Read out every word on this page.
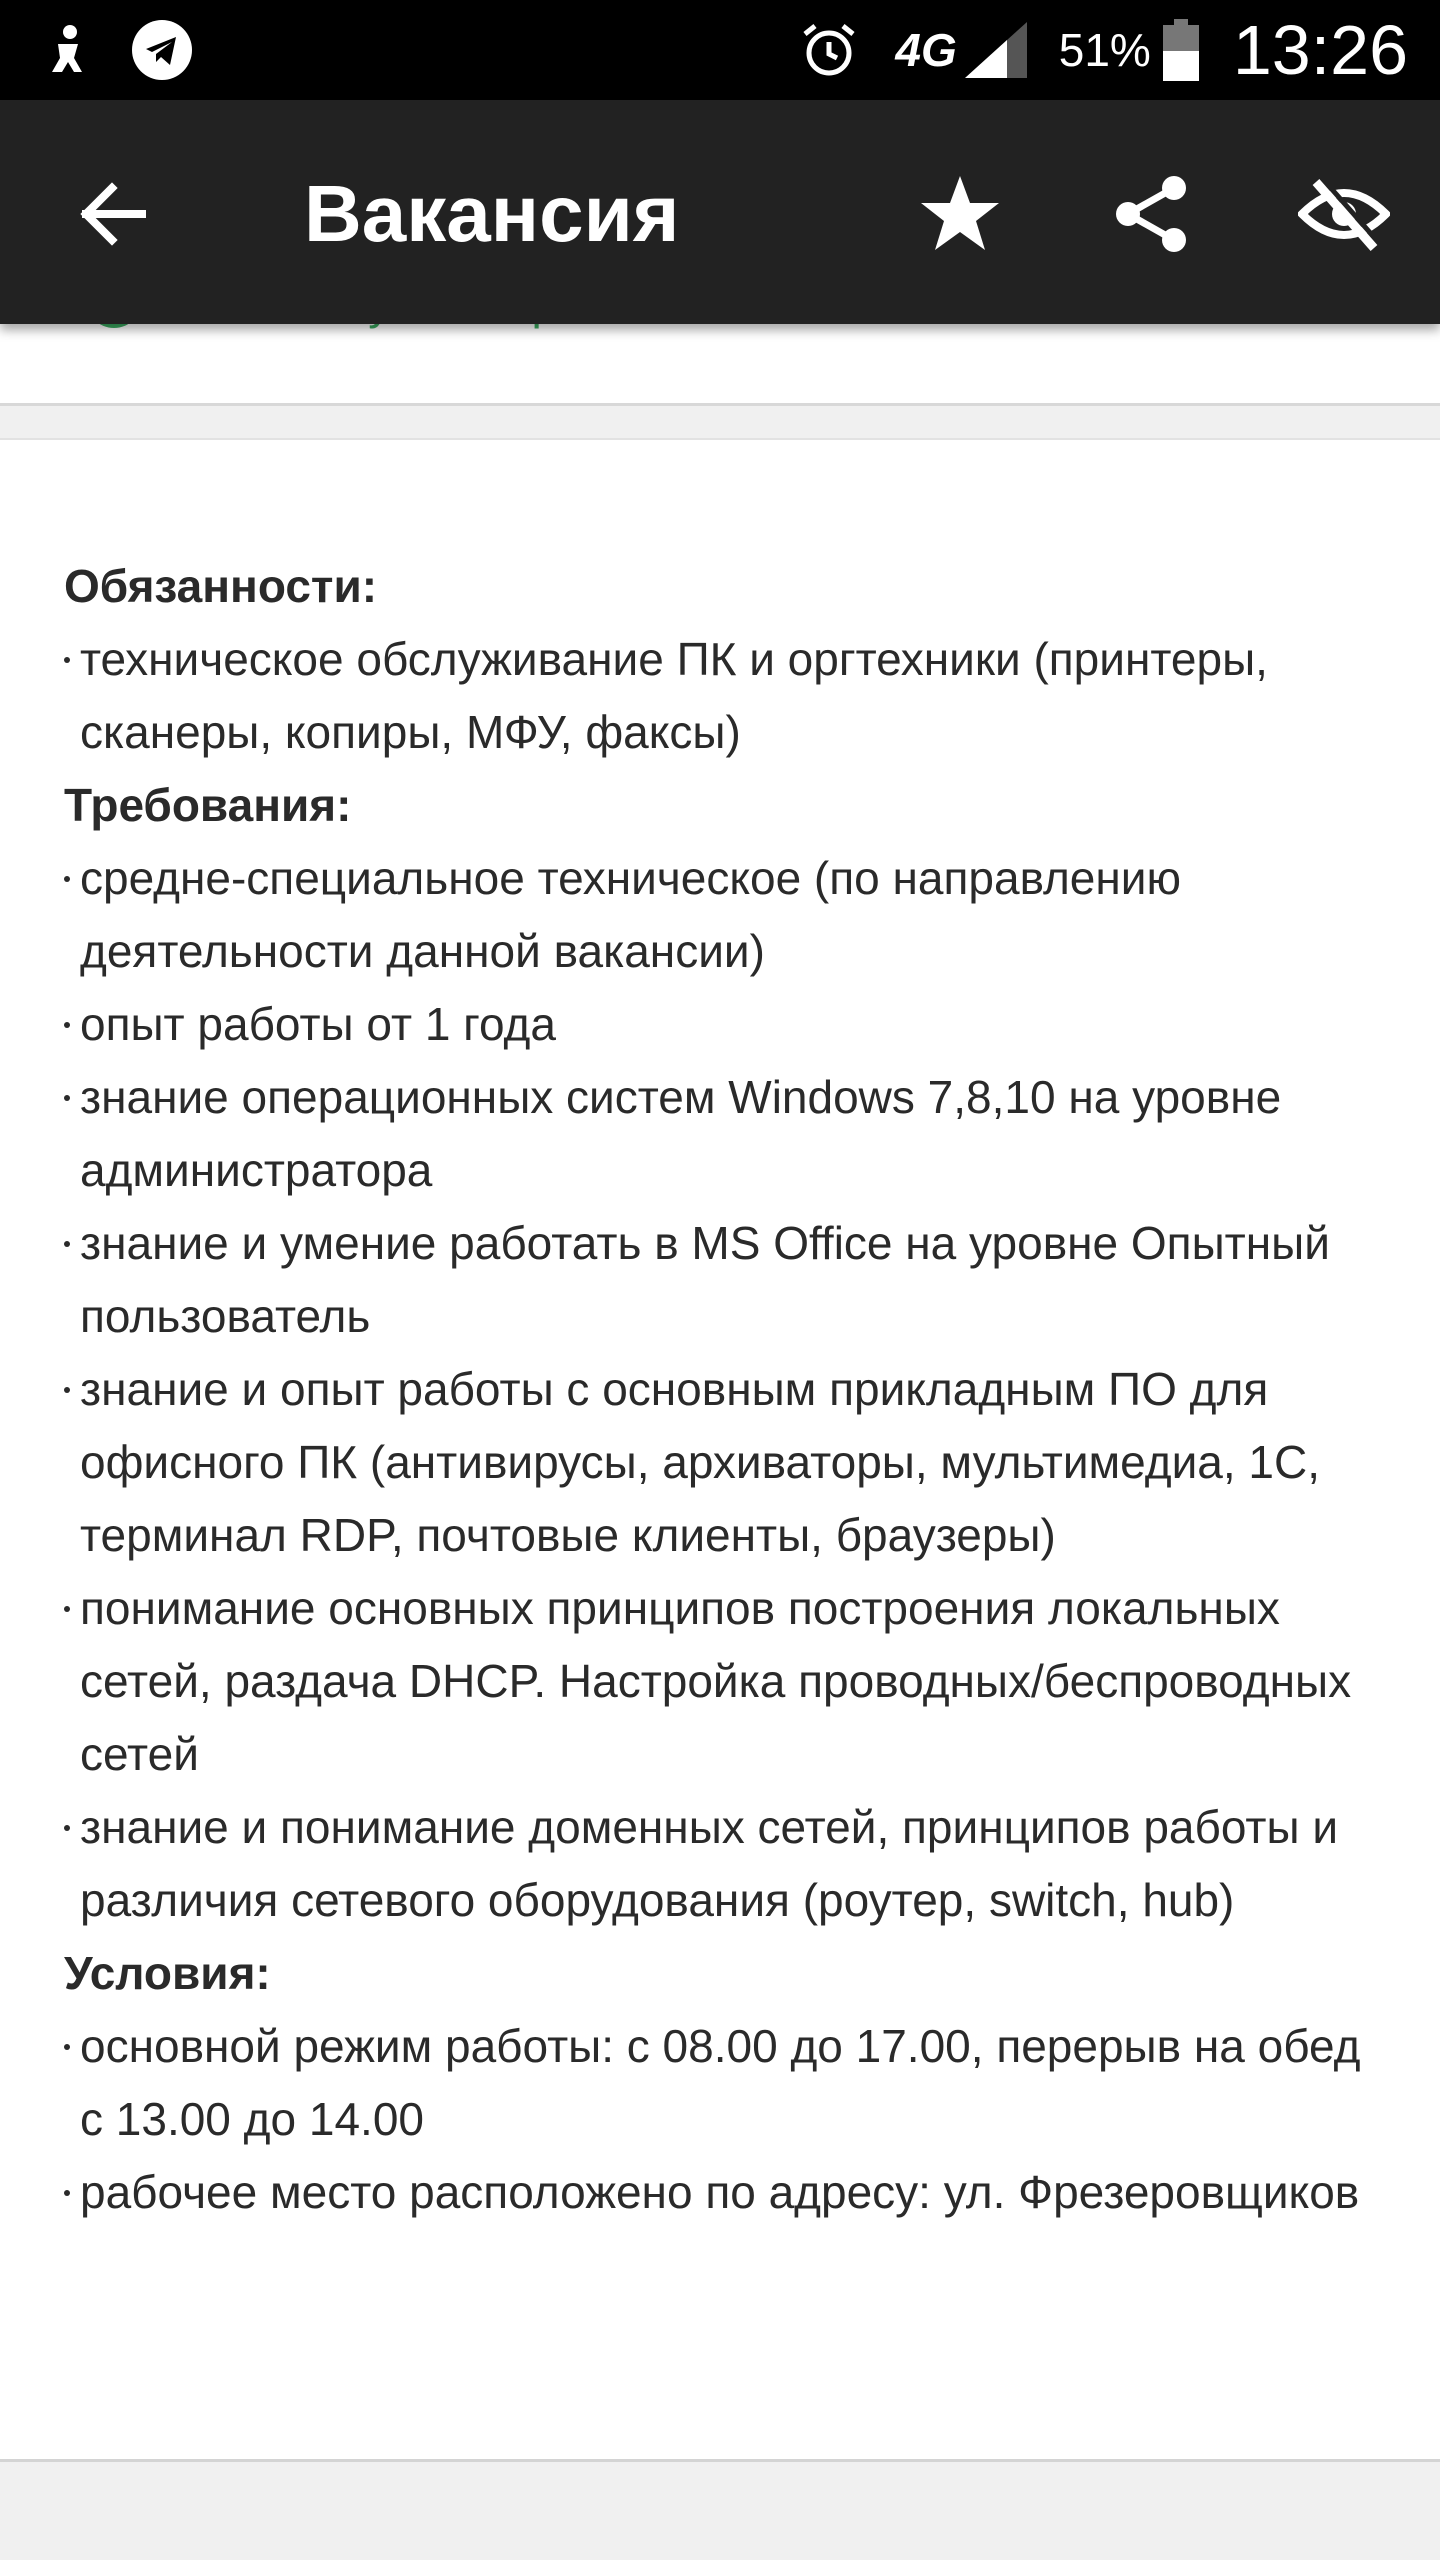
4G 51% 13:26
Вакансия
Обязанности:
техническое обслуживание ПК и оргтехники (принтеры, сканеры, копиры, МФУ, факсы)
Требования:
средне-специальное техническое (по направлению деятельности данной вакансии)
опыт работы от 1 года
знание операционных систем Windows 7,8,10 на уровне администратора
знание и умение работать в MS Office на уровне Опытный пользователь
знание и опыт работы с основным прикладным ПО для офисного ПК (антивирусы, архиваторы, мультимедиа, 1С, терминал RDP, почтовые клиенты, браузеры)
понимание основных принципов построения локальных сетей, раздача DHCP. Настройка проводных/беспроводных сетей
знание и понимание доменных сетей, принципов работы и различия сетевого оборудования (роутер, switch, hub)
Условия:
основной режим работы: с 08.00 до 17.00, перерыв на обед с 13.00 до 14.00
рабочее место расположено по адресу: ул. Фрезеровщиков
